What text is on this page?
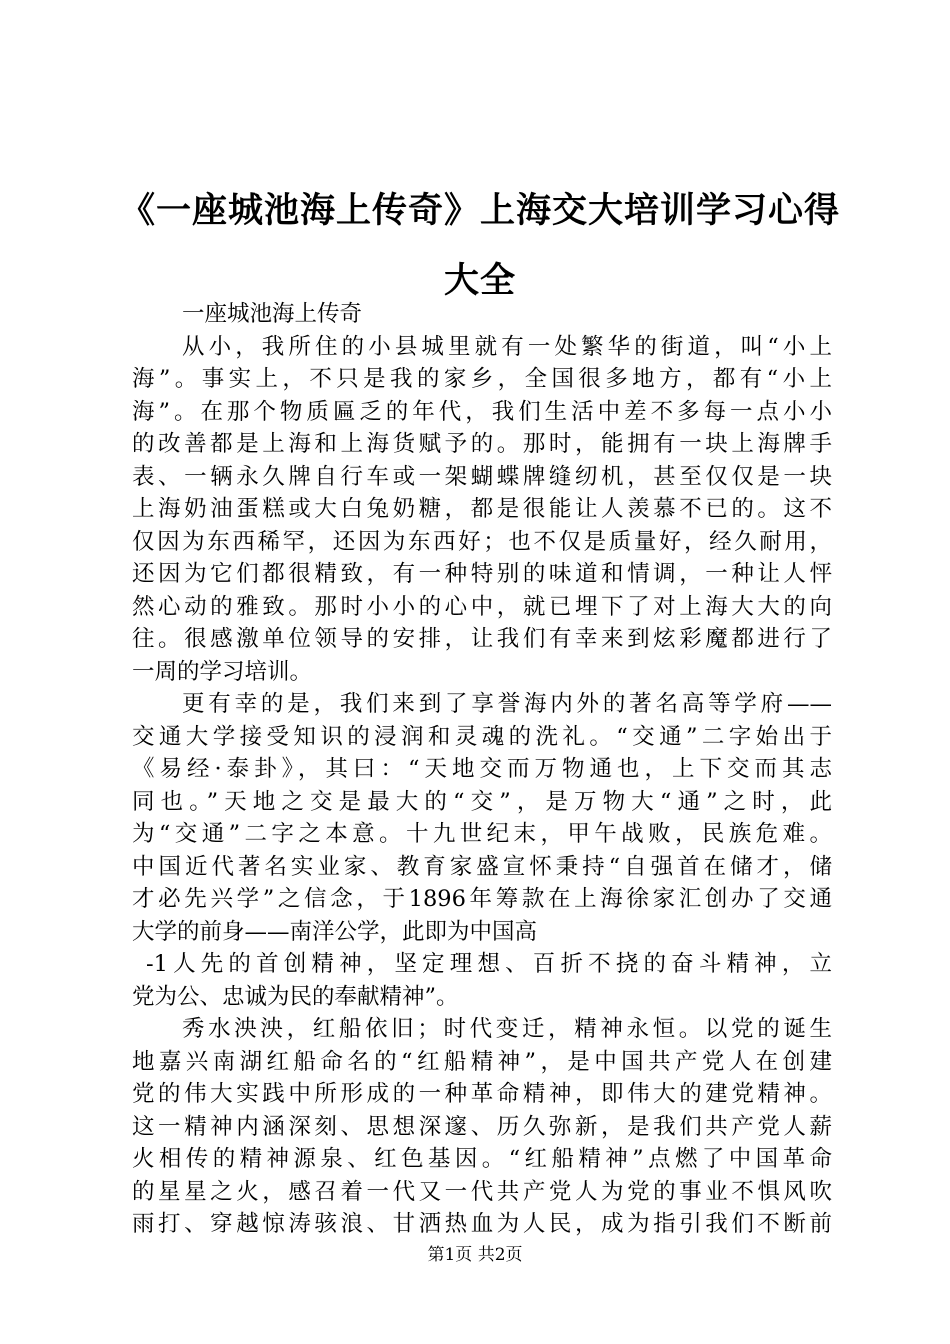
《一座城池海上传奇》上海交大培训学习心得
大全
一座城池海上传奇
从小，我所住的小县城里就有一处繁华的街道，叫“小上
海”。事实上，不只是我的家乡，全国很多地方，都有“小上
海”。在那个物质匾乏的年代，我们生活中差不多每一点小小
的改善都是上海和上海货赋予的。那时，能拥有一块上海牌手
表、一辆永久牌自行车或一架蝴蝶牌缝纫机，甚至仅仅是一块
上海奶油蛋糕或大白兔奶糖，都是很能让人羡慕不已的。这不
仅因为东西稀罕，还因为东西好；也不仅是质量好，经久耐用，
还因为它们都很精致，有一种特别的味道和情调，一种让人怦
然心动的雅致。那时小小的心中，就已埋下了对上海大大的向
往。很感激单位领导的安排，让我们有幸来到炫彩魔都进行了
一周的学习培训。
更有幸的是，我们来到了享誉海内外的著名高等学府——
交通大学接受知识的浸润和灵魂的洗礼。“交通”二字始出于
《易经·泰卦》，其曰：“天地交而万物通也，上下交而其志
同也。”天地之交是最大的“交”，是万物大“通”之时，此
为“交通”二字之本意。十九世纪末，甲午战败，民族危难。
中国近代著名实业家、教育家盛宣怀秉持“自强首在储才，储
才必先兴学”之信念，于1896年筹款在上海徐家汇创办了交通
大学的前身——南洋公学，此即为中国高
-1人先的首创精神，坚定理想、百折不挠的奋斗精神，立
党为公、忠诚为民的奉献精神”。
秀水泱泱，红船依旧；时代变迁，精神永恒。以党的诞生
地嘉兴南湖红船命名的“红船精神”，是中国共产党人在创建
党的伟大实践中所形成的一种革命精神，即伟大的建党精神。
这一精神内涵深刻、思想深邃、历久弥新，是我们共产党人薪
火相传的精神源泉、红色基因。“红船精神”点燃了中国革命
的星星之火，感召着一代又一代共产党人为党的事业不惧风吹
雨打、穿越惊涛骇浪、甘洒热血为人民，成为指引我们不断前
第1页 共2页
